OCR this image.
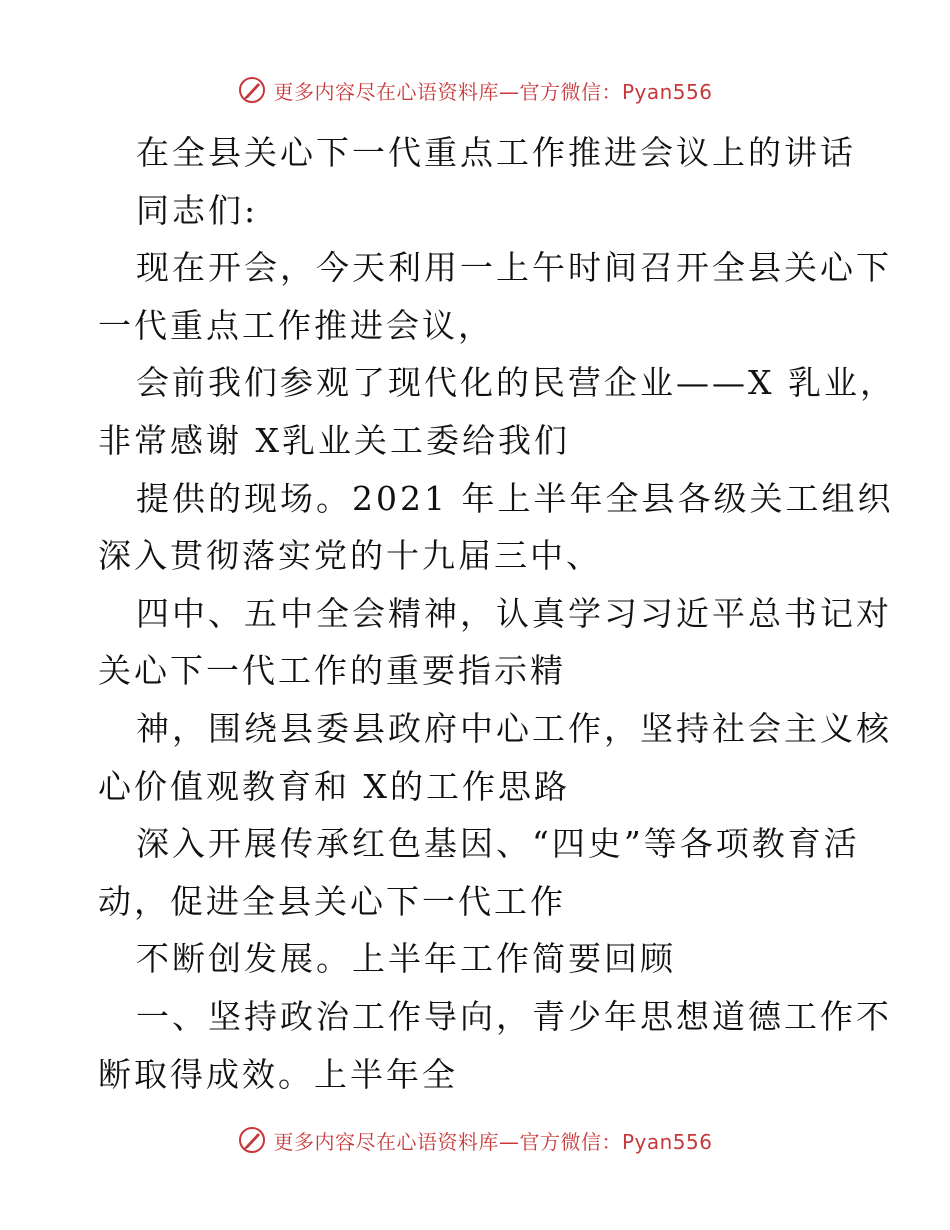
更多内容尽在心语资料库—官方微信：Pyan556
在全县关心下一代重点工作推进会议上的讲话
同志们:
现在开会，今天利用一上午时间召开全县关心下
一代重点工作推进会议，
会前我们参观了现代化的民营企业——X 乳业，
非常感谢 X乳业关工委给我们
提供的现场。2021 年上半年全县各级关工组织
深入贯彻落实党的十九届三中、
四中、五中全会精神，认真学习习近平总书记对
关心下一代工作的重要指示精
神，围绕县委县政府中心工作，坚持社会主义核
心价值观教育和 X的工作思路
深入开展传承红色基因、“四史”等各项教育活
动，促进全县关心下一代工作
不断创发展。上半年工作简要回顾
一、坚持政治工作导向，青少年思想道德工作不
断取得成效。上半年全
更多内容尽在心语资料库—官方微信：Pyan556
